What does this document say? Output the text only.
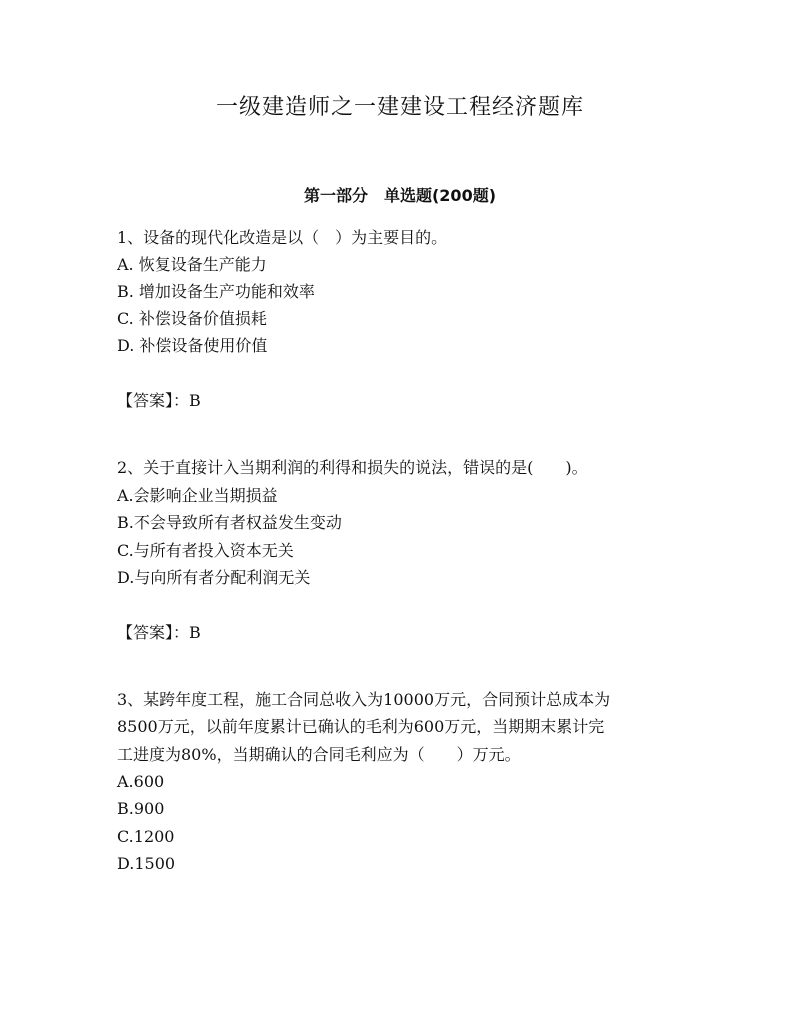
一级建造师之一建建设工程经济题库
第一部分　单选题(200题)
1、设备的现代化改造是以（　）为主要目的。
A. 恢复设备生产能力
B. 增加设备生产功能和效率
C. 补偿设备价值损耗
D. 补偿设备使用价值
【答案】：B
2、关于直接计入当期利润的利得和损失的说法，错误的是(　　)。
A.会影响企业当期损益
B.不会导致所有者权益发生变动
C.与所有者投入资本无关
D.与向所有者分配利润无关
【答案】：B
3、某跨年度工程，施工合同总收入为10000万元，合同预计总成本为
8500万元，以前年度累计已确认的毛利为600万元，当期期末累计完
工进度为80%，当期确认的合同毛利应为（　　）万元。
A.600
B.900
C.1200
D.1500
